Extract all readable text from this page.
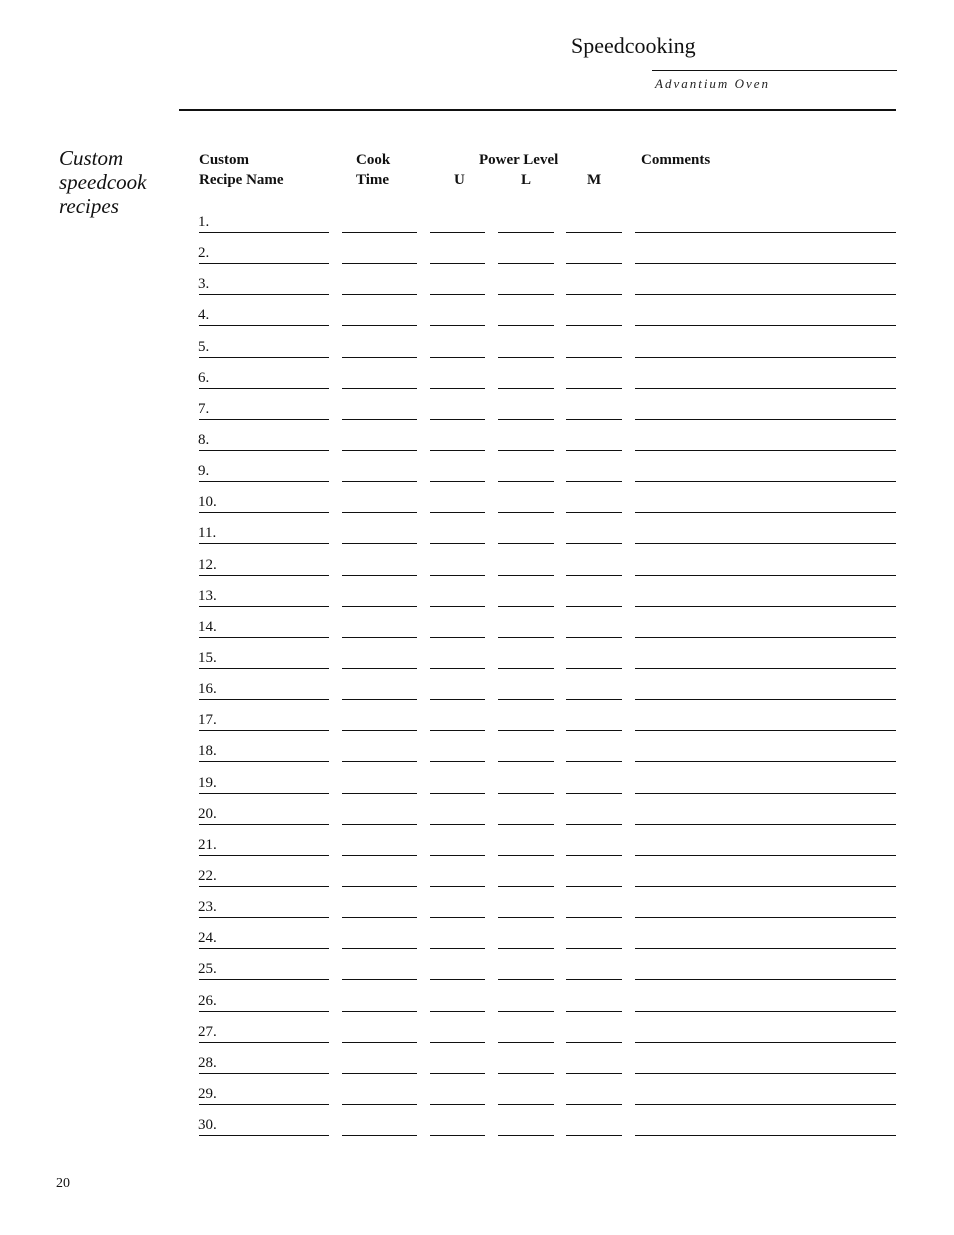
Speedcooking
Advantium Oven
Custom speedcook recipes
Custom
Recipe Name
Cook
Time
Power Level
U	L	M
Comments
1.
2.
3.
4.
5.
6.
7.
8.
9.
10.
11.
12.
13.
14.
15.
16.
17.
18.
19.
20.
21.
22.
23.
24.
25.
26.
27.
28.
29.
30.
20
